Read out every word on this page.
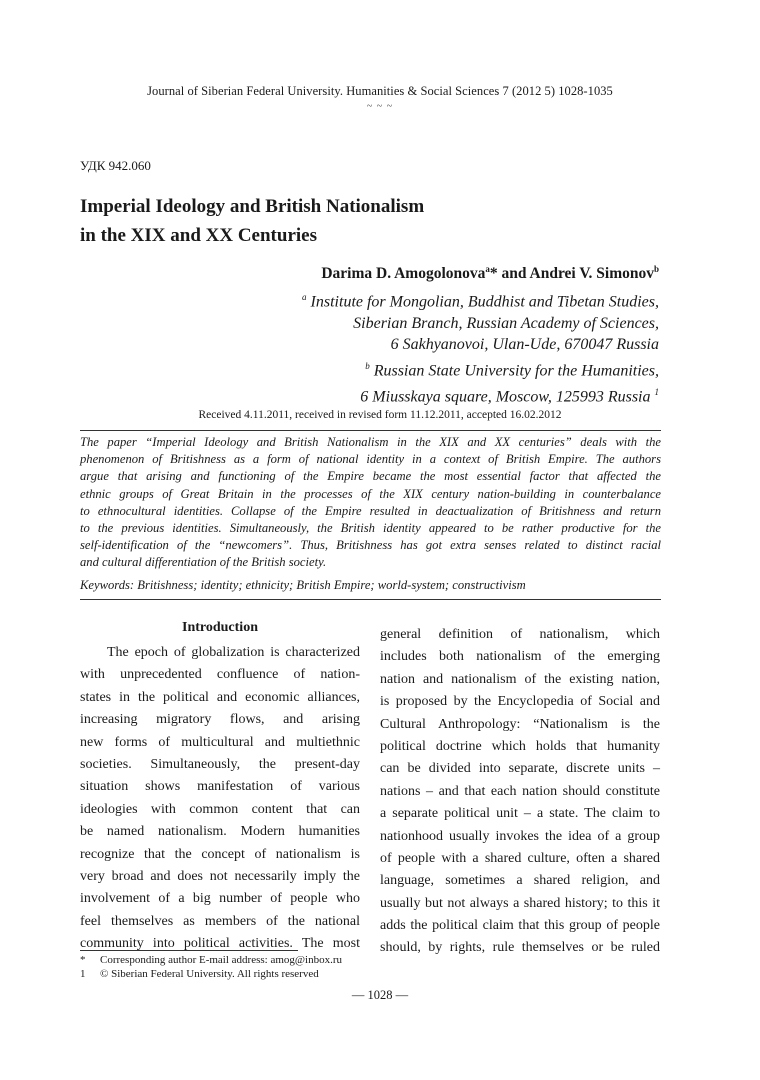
Journal of Siberian Federal University. Humanities & Social Sciences 7 (2012 5) 1028-1035
~ ~ ~
УДК 942.060
Imperial Ideology and British Nationalism
in the XIX and XX Centuries
Darima D. Amogolonova$^a$* and Andrei V. Simonov$^b$
$^a$ Institute for Mongolian, Buddhist and Tibetan Studies,
Siberian Branch, Russian Academy of Sciences,
6 Sakhyanovoi, Ulan-Ude, 670047 Russia
$^b$ Russian State University for the Humanities,
6 Miusskaya square, Moscow, 125993 Russia $^1$
Received 4.11.2011, received in revised form 11.12.2011, accepted 16.02.2012
The paper “Imperial Ideology and British Nationalism in the XIX and XX centuries” deals with the
phenomenon of Britishness as a form of national identity in a context of British Empire. The authors
argue that arising and functioning of the Empire became the most essential factor that affected the
ethnic groups of Great Britain in the processes of the XIX century nation-building in counterbalance
to ethnocultural identities. Collapse of the Empire resulted in deactualization of Britishness and return
to the previous identities. Simultaneously, the British identity appeared to be rather productive for the
self-identification of the “newcomers”. Thus, Britishness has got extra senses related to distinct racial
and cultural differentiation of the British society.
Keywords: Britishness; identity; ethnicity; British Empire; world-system; constructivism
Introduction
The epoch of globalization is characterized
with unprecedented confluence of nation-
states in the political and economic alliances,
increasing migratory flows, and arising
new forms of multicultural and multiethnic
societies. Simultaneously, the present-day
situation shows manifestation of various
ideologies with common content that can
be named nationalism. Modern humanities
recognize that the concept of nationalism is
very broad and does not necessarily imply the
involvement of a big number of people who
feel themselves as members of the national
community into political activities. The most
general definition of nationalism, which
includes both nationalism of the emerging
nation and nationalism of the existing nation,
is proposed by the Encyclopedia of Social and
Cultural Anthropology: “Nationalism is the
political doctrine which holds that humanity
can be divided into separate, discrete units –
nations – and that each nation should constitute
a separate political unit – a state. The claim to
nationhood usually invokes the idea of a group
of people with a shared culture, often a shared
language, sometimes a shared religion, and
usually but not always a shared history; to this it
adds the political claim that this group of people
should, by rights, rule themselves or be ruled
* Corresponding author E-mail address: amog@inbox.ru
1 © Siberian Federal University. All rights reserved
— 1028 —
